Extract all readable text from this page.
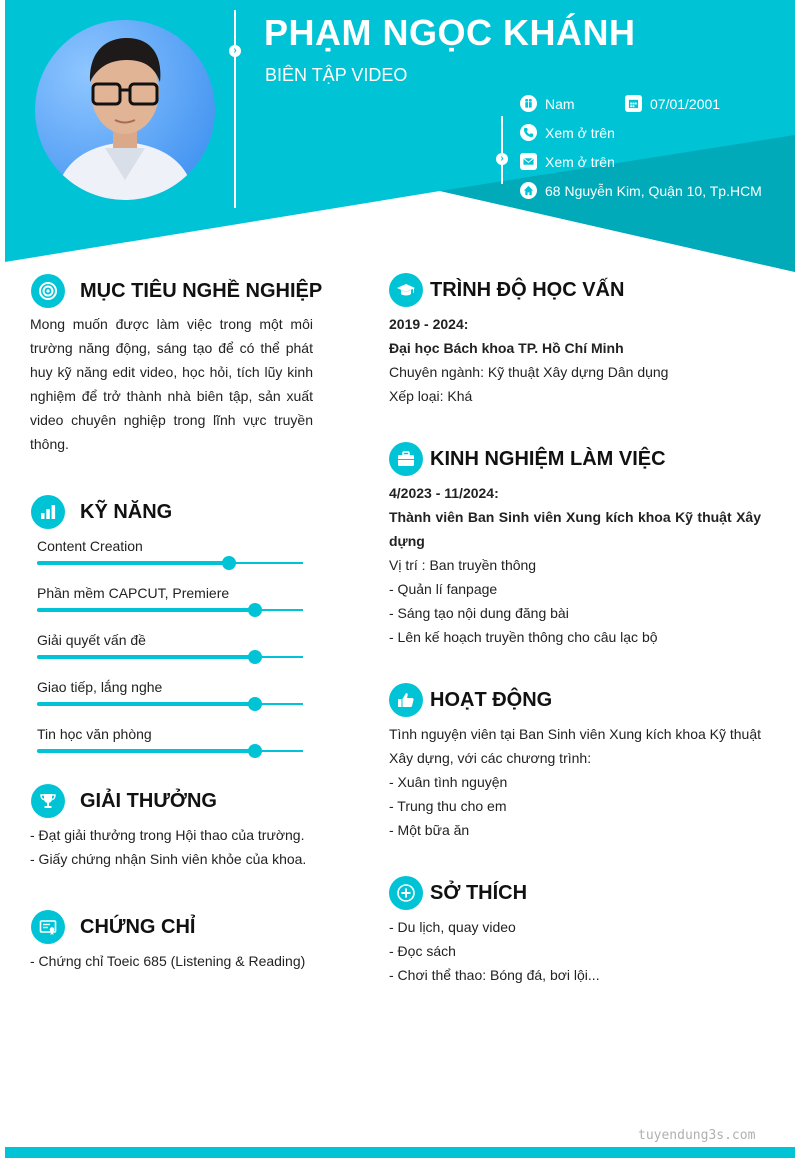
› PHẠM NGỌC KHÁNH
BIÊN TẬP VIDEO
›
Nam	07/01/2001
Xem ở trên
Xem ở trên
68 Nguyễn Kim, Quận 10, Tp.HCM
MỤC TIÊU NGHỀ NGHIỆP
Mong muốn được làm việc trong một môi
trường năng động, sáng tạo để có thể phát
huy kỹ năng edit video, học hỏi, tích lũy kinh
nghiệm để trở thành nhà biên tập, sản xuất
video chuyên nghiệp trong lĩnh vực truyền
thông.
KỸ NĂNG
Content Creation
Phần mềm CAPCUT, Premiere
Giải quyết vấn đề
Giao tiếp, lắng nghe
Tin học văn phòng
GIẢI THƯỞNG
- Đạt giải thưởng trong Hội thao của trường.
- Giấy chứng nhận Sinh viên khỏe của khoa.
CHỨNG CHỈ
- Chứng chỉ Toeic 685 (Listening & Reading)
TRÌNH ĐỘ HỌC VẤN
2019 - 2024:
Đại học Bách khoa TP. Hồ Chí Minh
Chuyên ngành: Kỹ thuật Xây dựng Dân dụng
Xếp loại: Khá
KINH NGHIỆM LÀM VIỆC
4/2023 - 11/2024:
Thành viên Ban Sinh viên Xung kích khoa Kỹ thuật Xây dựng
Vị trí : Ban truyền thông
- Quản lí fanpage
- Sáng tạo nội dung đăng bài
- Lên kế hoạch truyền thông cho câu lạc bộ
HOẠT ĐỘNG
Tình nguyện viên tại Ban Sinh viên Xung kích khoa Kỹ thuật
Xây dựng, với các chương trình:
- Xuân tình nguyện
- Trung thu cho em
- Một bữa ăn
SỞ THÍCH
- Du lịch, quay video
- Đọc sách
- Chơi thể thao: Bóng đá, bơi lội...
tuyendung3s.com
